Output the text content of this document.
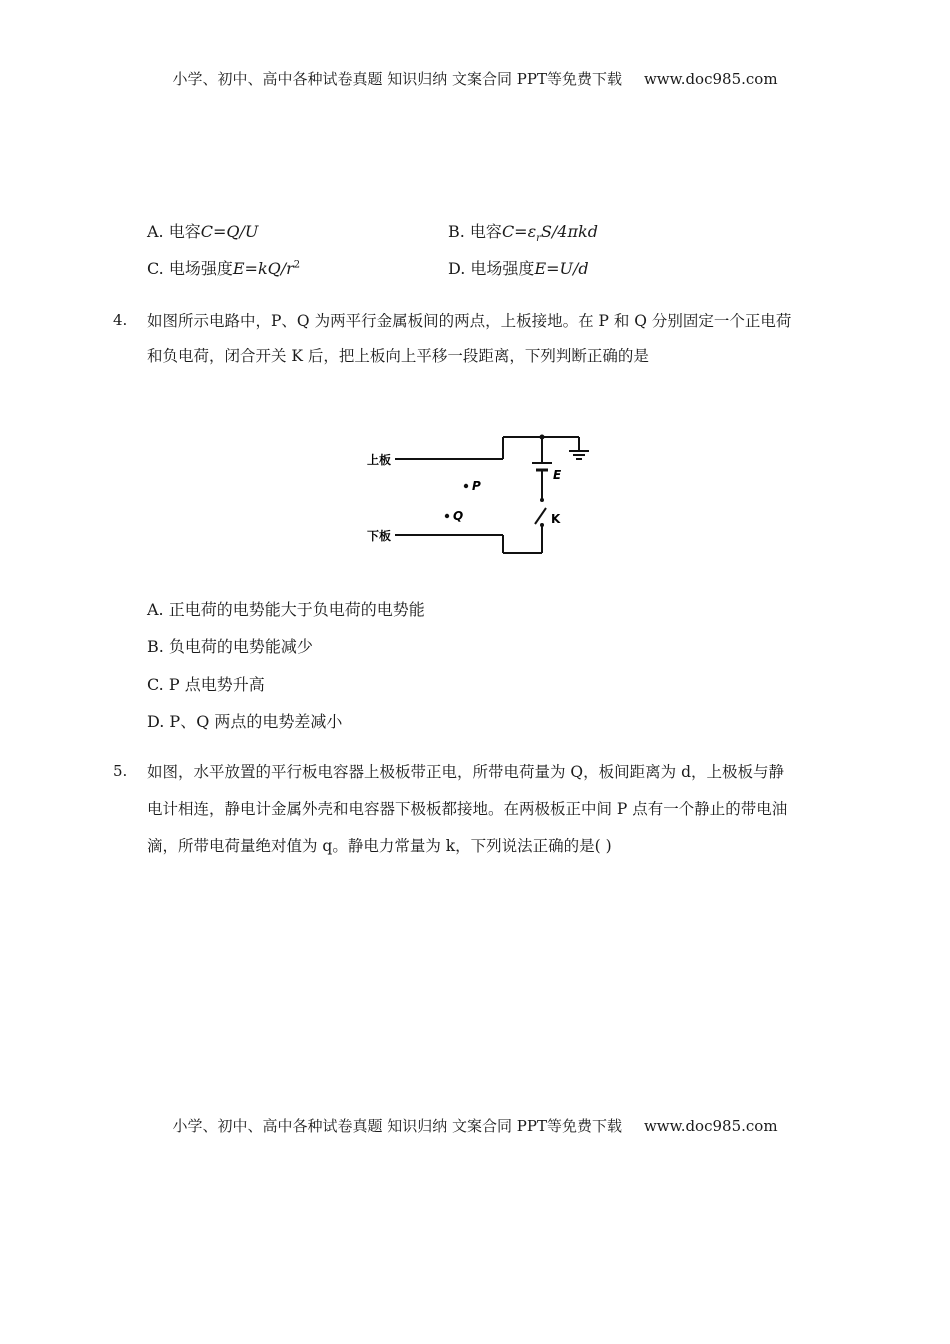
小学、初中、高中各种试卷真题 知识归纳 文案合同 PPT等免费下载 www.doc985.com
A. 电容C=Q/U	B. 电容$C=\varepsilon_rS/4\pi kd$
C. 电场强度$E=kQ/r^2$	D. 电场强度E=U/d
4. 如图所示电路中，P、Q 为两平行金属板间的两点，上板接地。在 P 和 Q 分别固定一个正电荷
和负电荷，闭合开关 K 后，把上板向上平移一段距离，下列判断正确的是
上板
下板
P
Q
E
K
A. 正电荷的电势能大于负电荷的电势能
B. 负电荷的电势能减少
C. P 点电势升高
D. P、Q 两点的电势差减小
5. 如图，水平放置的平行板电容器上极板带正电，所带电荷量为 Q，板间距离为 d，上极板与静
电计相连，静电计金属外壳和电容器下极板都接地。在两极板正中间 P 点有一个静止的带电油
滴，所带电荷量绝对值为 q。静电力常量为 k，下列说法正确的是( )
小学、初中、高中各种试卷真题 知识归纳 文案合同 PPT等免费下载 www.doc985.com
